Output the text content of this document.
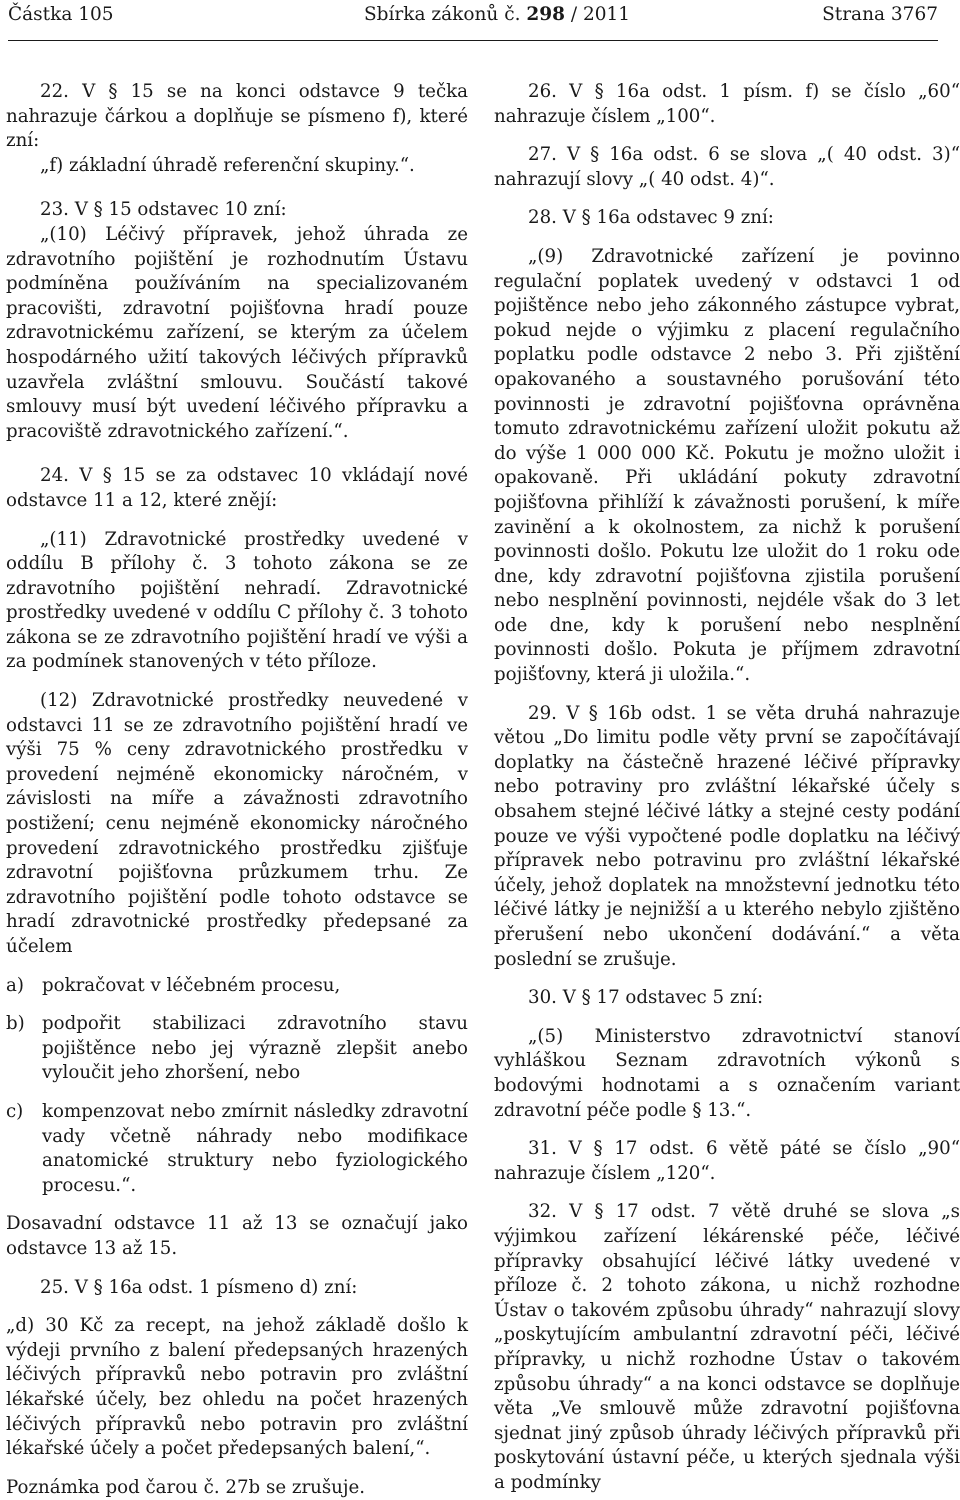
Částka 105	Sbírka zákonů č. 298 / 2011	Strana 3767

22. V § 15 se na konci odstavce 9 tečka nahrazuje čárkou a doplňuje se písmeno f), které zní:

„f) základní úhradě referenční skupiny.“.

23. V § 15 odstavec 10 zní:

„(10) Léčivý přípravek, jehož úhrada ze zdravotního pojištění je rozhodnutím Ústavu podmíněna používáním na specializovaném pracovišti, zdravotní pojišťovna hradí pouze zdravotnickému zařízení, se kterým za účelem hospodárného užití takových léčivých přípravků uzavřela zvláštní smlouvu. Součástí takové smlouvy musí být uvedení léčivého přípravku a pracoviště zdravotnického zařízení.“.

24. V § 15 se za odstavec 10 vkládají nové odstavce 11 a 12, které znějí:

„(11) Zdravotnické prostředky uvedené v oddílu B přílohy č. 3 tohoto zákona se ze zdravotního pojištění nehradí. Zdravotnické prostředky uvedené v oddílu C přílohy č. 3 tohoto zákona se ze zdravotního pojištění hradí ve výši a za podmínek stanovených v této příloze.

(12) Zdravotnické prostředky neuvedené v odstavci 11 se ze zdravotního pojištění hradí ve výši 75 % ceny zdravotnického prostředku v provedení nejméně ekonomicky náročném, v závislosti na míře a závažnosti zdravotního postižení; cenu nejméně ekonomicky náročného provedení zdravotnického prostředku zjišťuje zdravotní pojišťovna průzkumem trhu. Ze zdravotního pojištění podle tohoto odstavce se hradí zdravotnické prostředky předepsané za účelem

a) pokračovat v léčebném procesu,
b) podpořit stabilizaci zdravotního stavu pojištěnce nebo jej výrazně zlepšit anebo vyloučit jeho zhoršení, nebo
c)	kompenzovat nebo zmírnit následky zdravotní vady včetně náhrady nebo modifikace anatomické struktury nebo fyziologického procesu.“.

Dosavadní odstavce 11 až 13 se označují jako odstavce 13 až 15.

25. V § 16a odst. 1 písmeno d) zní:

„d) 30 Kč za recept, na jehož základě došlo k výdeji prvního z balení předepsaných hrazených léčivých přípravků nebo potravin pro zvláštní lékařské účely, bez ohledu na počet hrazených léčivých přípravků nebo potravin pro zvláštní lékařské účely a počet předepsaných balení,“.

Poznámka pod čarou č. 27b se zrušuje.

26. V § 16a odst. 1 písm. f) se číslo „60“ nahrazuje číslem „100“.

27. V § 16a odst. 6 se slova „( 40 odst. 3)“ nahrazují slovy „( 40 odst. 4)“.

28. V § 16a odstavec 9 zní:

„(9) Zdravotnické zařízení je povinno regulační poplatek uvedený v odstavci 1 od pojištěnce nebo jeho zákonného zástupce vybrat, pokud nejde o výjimku z placení regulačního poplatku podle odstavce 2 nebo 3. Při zjištění opakovaného a soustavného porušování této povinnosti je zdravotní pojišťovna oprávněna tomuto zdravotnickému zařízení uložit pokutu až do výše 1 000 000 Kč. Pokutu je možno uložit i opakovaně. Při ukládání pokuty zdravotní pojišťovna přihlíží k závažnosti porušení, k míře zavinění a k okolnostem, za nichž k porušení povinnosti došlo. Pokutu lze uložit do 1 roku ode dne, kdy zdravotní pojišťovna zjistila porušení nebo nesplnění povinnosti, nejdéle však do 3 let ode dne, kdy k porušení nebo nesplnění povinnosti došlo. Pokuta je příjmem zdravotní pojišťovny, která ji uložila.“.

29. V § 16b odst. 1 se věta druhá nahrazuje větou „Do limitu podle věty první se započítávají doplatky na částečně hrazené léčivé přípravky nebo potraviny pro zvláštní lékařské účely s obsahem stejné léčivé látky a stejné cesty podání pouze ve výši vypočtené podle doplatku na léčivý přípravek nebo potravinu pro zvláštní lékařské účely, jehož doplatek na množstevní jednotku této léčivé látky je nejnižší a u kterého nebylo zjištěno přerušení nebo ukončení dodávání.“ a věta poslední se zrušuje.

30. V § 17 odstavec 5 zní:

„(5) Ministerstvo zdravotnictví stanoví vyhláškou Seznam zdravotních výkonů s bodovými hodnotami a s označením variant zdravotní péče podle § 13.“.

31. V § 17 odst. 6 větě páté se číslo „90“ nahrazuje číslem „120“.

32. V § 17 odst. 7 větě druhé se slova „s výjimkou zařízení lékárenské péče, léčivé přípravky obsahující léčivé látky uvedené v příloze č. 2 tohoto zákona, u nichž rozhodne Ústav o takovém způsobu úhrady“ nahrazují slovy „poskytujícím ambulantní zdravotní péči, léčivé přípravky, u nichž rozhodne Ústav o takovém způsobu úhrady“ a na konci odstavce se doplňuje věta „Ve smlouvě může zdravotní pojišťovna sjednat jiný způsob úhrady léčivých přípravků při poskytování ústavní péče, u kterých sjednala výši a podmínky
